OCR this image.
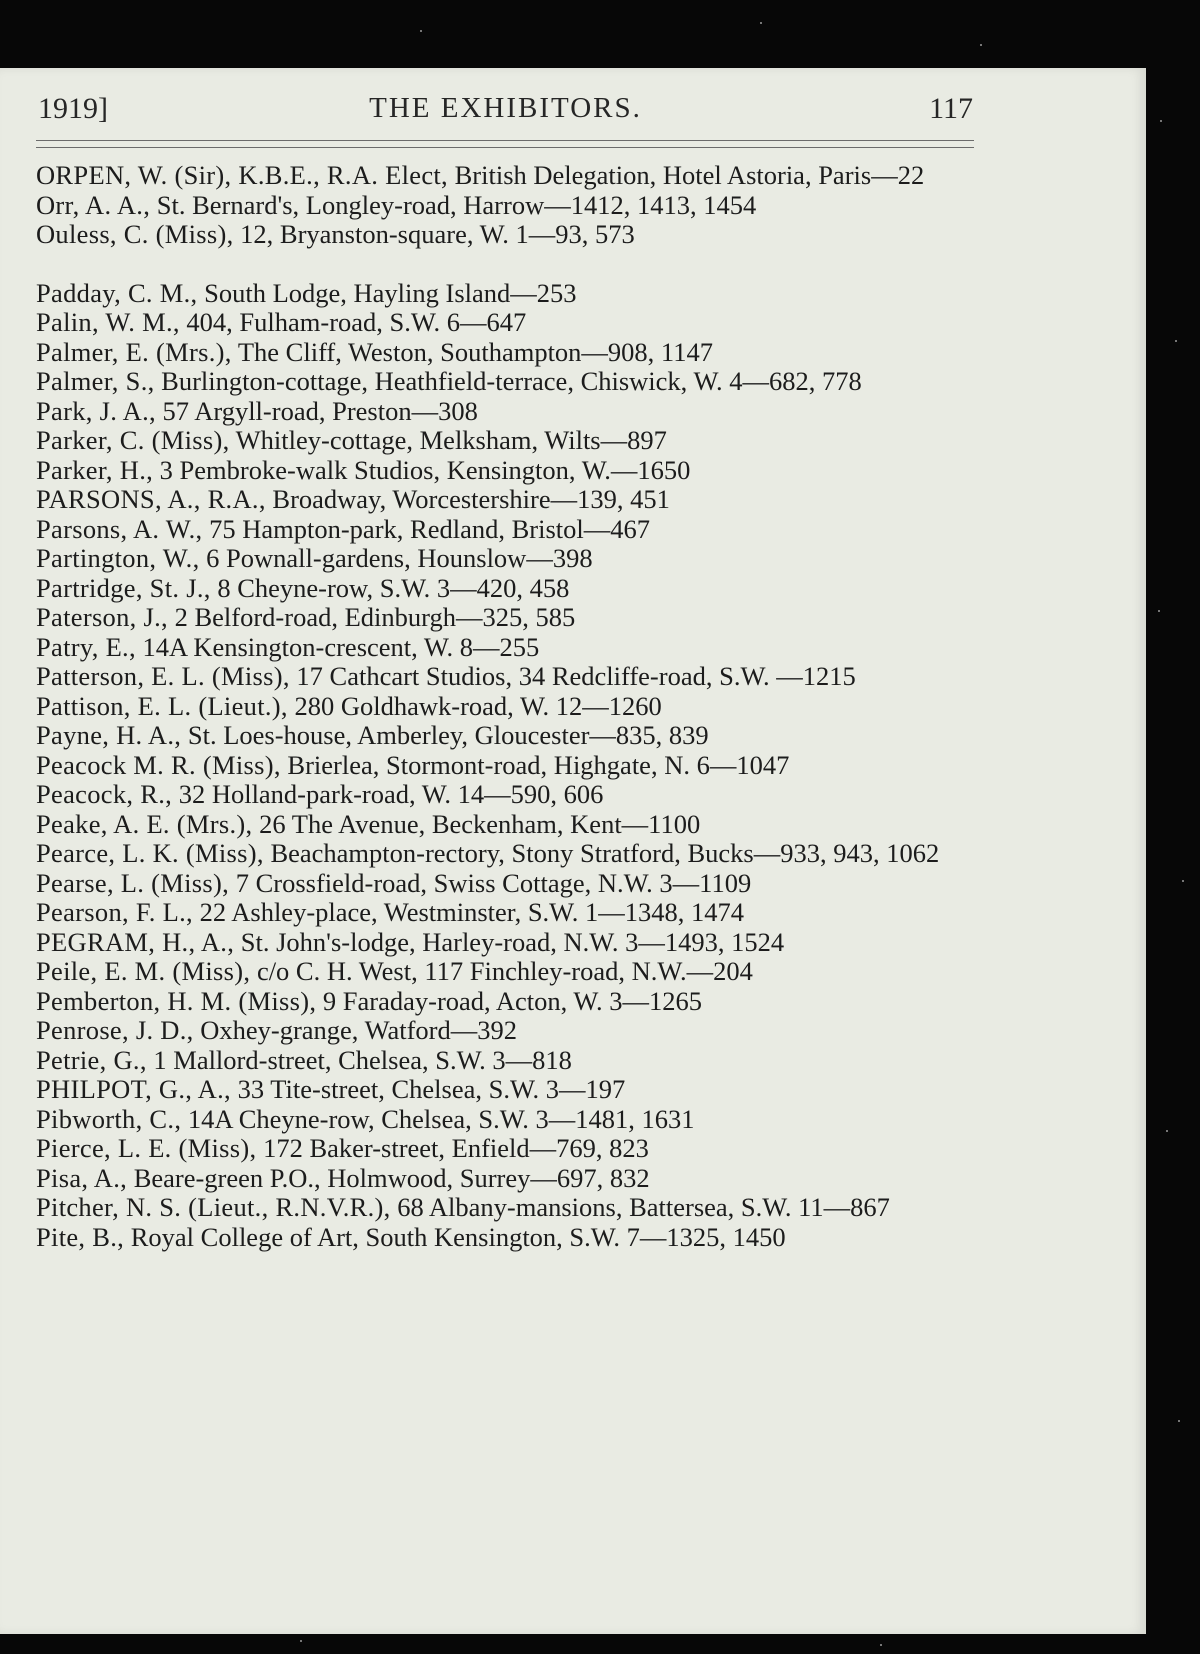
1919]	THE EXHIBITORS.	117
ORPEN, W. (Sir), K.B.E., R.A. Elect, British Delegation, Hotel Astoria, Paris—22
Orr, A. A., St. Bernard's, Longley-road, Harrow—1412, 1413, 1454
Ouless, C. (Miss), 12, Bryanston-square, W. 1—93, 573
Padday, C. M., South Lodge, Hayling Island—253
Palin, W. M., 404, Fulham-road, S.W. 6—647
Palmer, E. (Mrs.), The Cliff, Weston, Southampton—908, 1147
Palmer, S., Burlington-cottage, Heathfield-terrace, Chiswick, W. 4—682, 778
Park, J. A., 57 Argyll-road, Preston—308
Parker, C. (Miss), Whitley-cottage, Melksham, Wilts—897
Parker, H., 3 Pembroke-walk Studios, Kensington, W.—1650
PARSONS, A., R.A., Broadway, Worcestershire—139, 451
Parsons, A. W., 75 Hampton-park, Redland, Bristol—467
Partington, W., 6 Pownall-gardens, Hounslow—398
Partridge, St. J., 8 Cheyne-row, S.W. 3—420, 458
Paterson, J., 2 Belford-road, Edinburgh—325, 585
Patry, E., 14A Kensington-crescent, W. 8—255
Patterson, E. L. (Miss), 17 Cathcart Studios, 34 Redcliffe-road, S.W. —1215
Pattison, E. L. (Lieut.), 280 Goldhawk-road, W. 12—1260
Payne, H. A., St. Loes-house, Amberley, Gloucester—835, 839
Peacock M. R. (Miss), Brierlea, Stormont-road, Highgate, N. 6—1047
Peacock, R., 32 Holland-park-road, W. 14—590, 606
Peake, A. E. (Mrs.), 26 The Avenue, Beckenham, Kent—1100
Pearce, L. K. (Miss), Beachampton-rectory, Stony Stratford, Bucks—933, 943, 1062
Pearse, L. (Miss), 7 Crossfield-road, Swiss Cottage, N.W. 3—1109
Pearson, F. L., 22 Ashley-place, Westminster, S.W. 1—1348, 1474
PEGRAM, H., A., St. John's-lodge, Harley-road, N.W. 3—1493, 1524
Peile, E. M. (Miss), c/o C. H. West, 117 Finchley-road, N.W.—204
Pemberton, H. M. (Miss), 9 Faraday-road, Acton, W. 3—1265
Penrose, J. D., Oxhey-grange, Watford—392
Petrie, G., 1 Mallord-street, Chelsea, S.W. 3—818
PHILPOT, G., A., 33 Tite-street, Chelsea, S.W. 3—197
Pibworth, C., 14A Cheyne-row, Chelsea, S.W. 3—1481, 1631
Pierce, L. E. (Miss), 172 Baker-street, Enfield—769, 823
Pisa, A., Beare-green P.O., Holmwood, Surrey—697, 832
Pitcher, N. S. (Lieut., R.N.V.R.), 68 Albany-mansions, Battersea, S.W. 11—867
Pite, B., Royal College of Art, South Kensington, S.W. 7—1325, 1450
